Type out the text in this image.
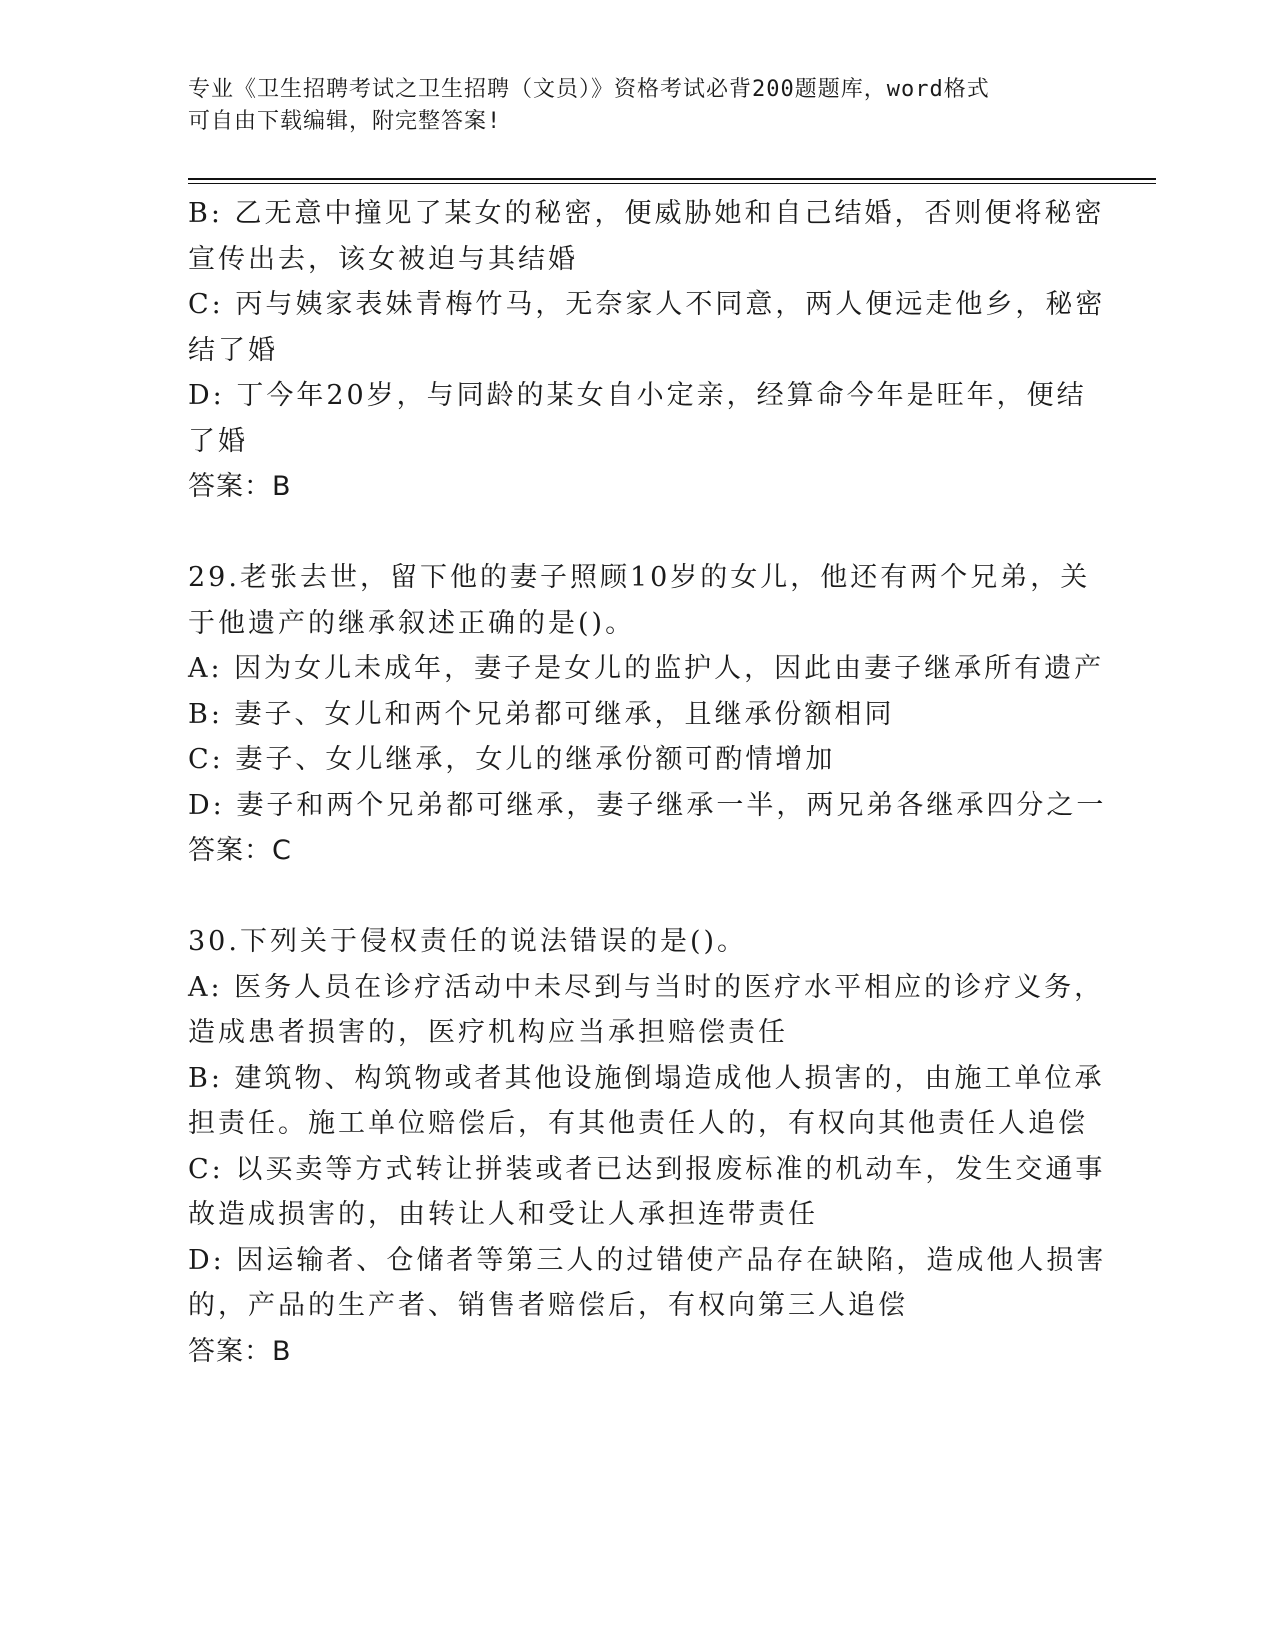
专业《卫生招聘考试之卫生招聘（文员）》资格考试必背200题题库，word格式
可自由下载编辑，附完整答案!
B: 乙无意中撞见了某女的秘密，便威胁她和自己结婚，否则便将秘密
宣传出去，该女被迫与其结婚
C: 丙与姨家表妹青梅竹马，无奈家人不同意，两人便远走他乡，秘密
结了婚
D: 丁今年20岁，与同龄的某女自小定亲，经算命今年是旺年，便结
了婚
答案：B
29.老张去世，留下他的妻子照顾10岁的女儿，他还有两个兄弟，关
于他遗产的继承叙述正确的是()。
A: 因为女儿未成年，妻子是女儿的监护人，因此由妻子继承所有遗产
B: 妻子、女儿和两个兄弟都可继承，且继承份额相同
C: 妻子、女儿继承，女儿的继承份额可酌情增加
D: 妻子和两个兄弟都可继承，妻子继承一半，两兄弟各继承四分之一
答案：C
30.下列关于侵权责任的说法错误的是()。
A: 医务人员在诊疗活动中未尽到与当时的医疗水平相应的诊疗义务，
造成患者损害的，医疗机构应当承担赔偿责任
B: 建筑物、构筑物或者其他设施倒塌造成他人损害的，由施工单位承
担责任。施工单位赔偿后，有其他责任人的，有权向其他责任人追偿
C: 以买卖等方式转让拼装或者已达到报废标准的机动车，发生交通事
故造成损害的，由转让人和受让人承担连带责任
D: 因运输者、仓储者等第三人的过错使产品存在缺陷，造成他人损害
的，产品的生产者、销售者赔偿后，有权向第三人追偿
答案：B
